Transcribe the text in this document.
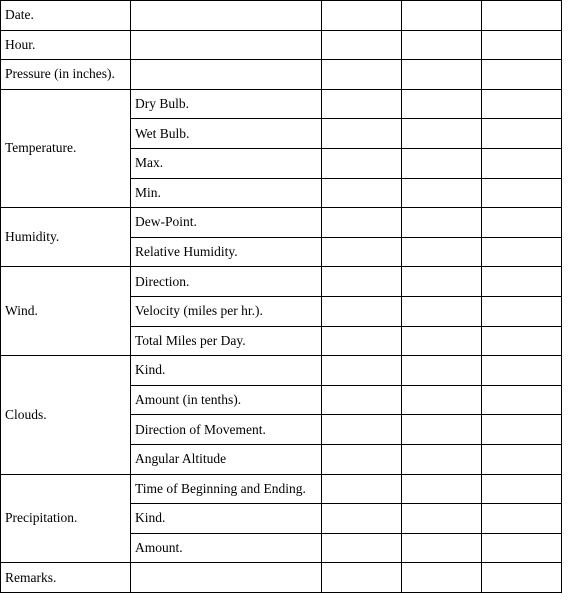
Date.				
Hour.				
Pressure (in inches).				
Temperature.	Dry Bulb.			
	Wet Bulb.			
	Max.			
	Min.			
Humidity.	Dew-Point.			
	Relative Humidity.			
Wind.	Direction.			
	Velocity (miles per hr.).			
	Total Miles per Day.			
Clouds.	Kind.			
	Amount (in tenths).			
	Direction of Movement.			
	Angular Altitude			
Precipitation.	Time of Beginning and Ending.			
	Kind.			
	Amount.			
Remarks.				
